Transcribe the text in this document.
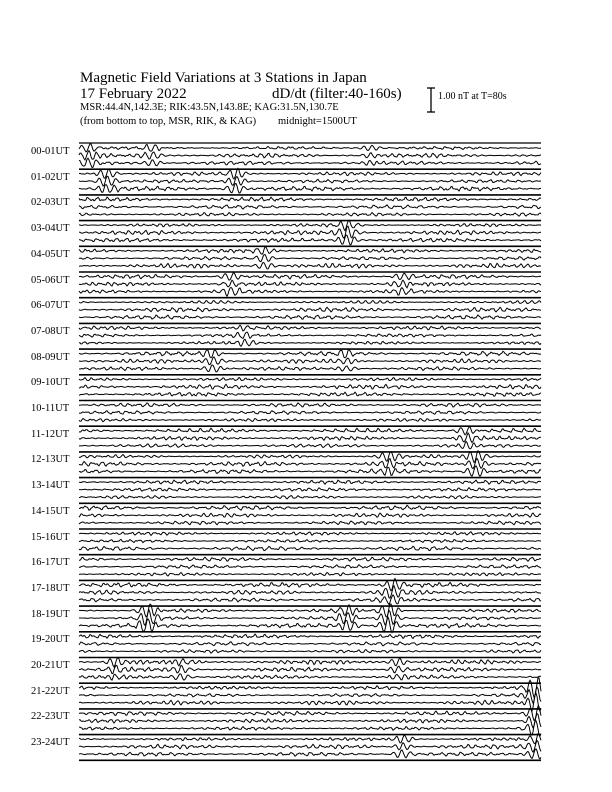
Magnetic Field Variations at 3 Stations in Japan
17 February 2022	dD/dt (filter:40-160s)
MSR:44.4N,142.3E; RIK:43.5N,143.8E; KAG:31.5N,130.7E
(from bottom to top, MSR, RIK, & KAG) midnight=1500UT
1.00 nT at T=80s
00-01UT
01-02UT
02-03UT
03-04UT
04-05UT
05-06UT
06-07UT
07-08UT
08-09UT
09-10UT
10-11UT
11-12UT
12-13UT
13-14UT
14-15UT
15-16UT
16-17UT
17-18UT
18-19UT
19-20UT
20-21UT
21-22UT
22-23UT
23-24UT
